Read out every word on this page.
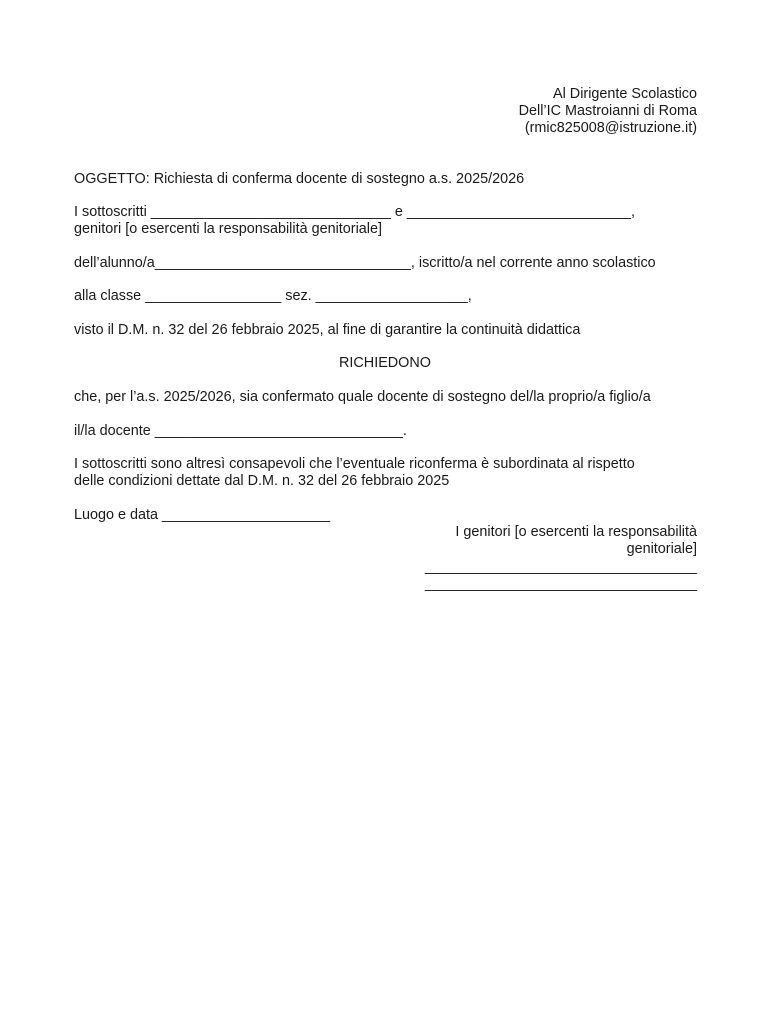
Al Dirigente Scolastico
Dell’IC Mastroianni di Roma
(rmic825008@istruzione.it)
OGGETTO: Richiesta di conferma docente di sostegno a.s. 2025/2026
I sottoscritti ______________________________ e ____________________________,
genitori [o esercenti la responsabilità genitoriale]
dell’alunno/a________________________________, iscritto/a nel corrente anno scolastico
alla classe _________________ sez. ___________________,
visto il D.M. n. 32 del 26 febbraio 2025, al fine di garantire la continuità didattica
RICHIEDONO
che, per l’a.s. 2025/2026, sia confermato quale docente di sostegno del/la proprio/a figlio/a
il/la docente _______________________________.
I sottoscritti sono altresì consapevoli che l’eventuale riconferma è subordinata al rispetto
delle condizioni dettate dal D.M. n. 32 del 26 febbraio 2025
Luogo e data _____________________
I genitori [o esercenti la responsabilità
genitoriale]
__________________________________
__________________________________
